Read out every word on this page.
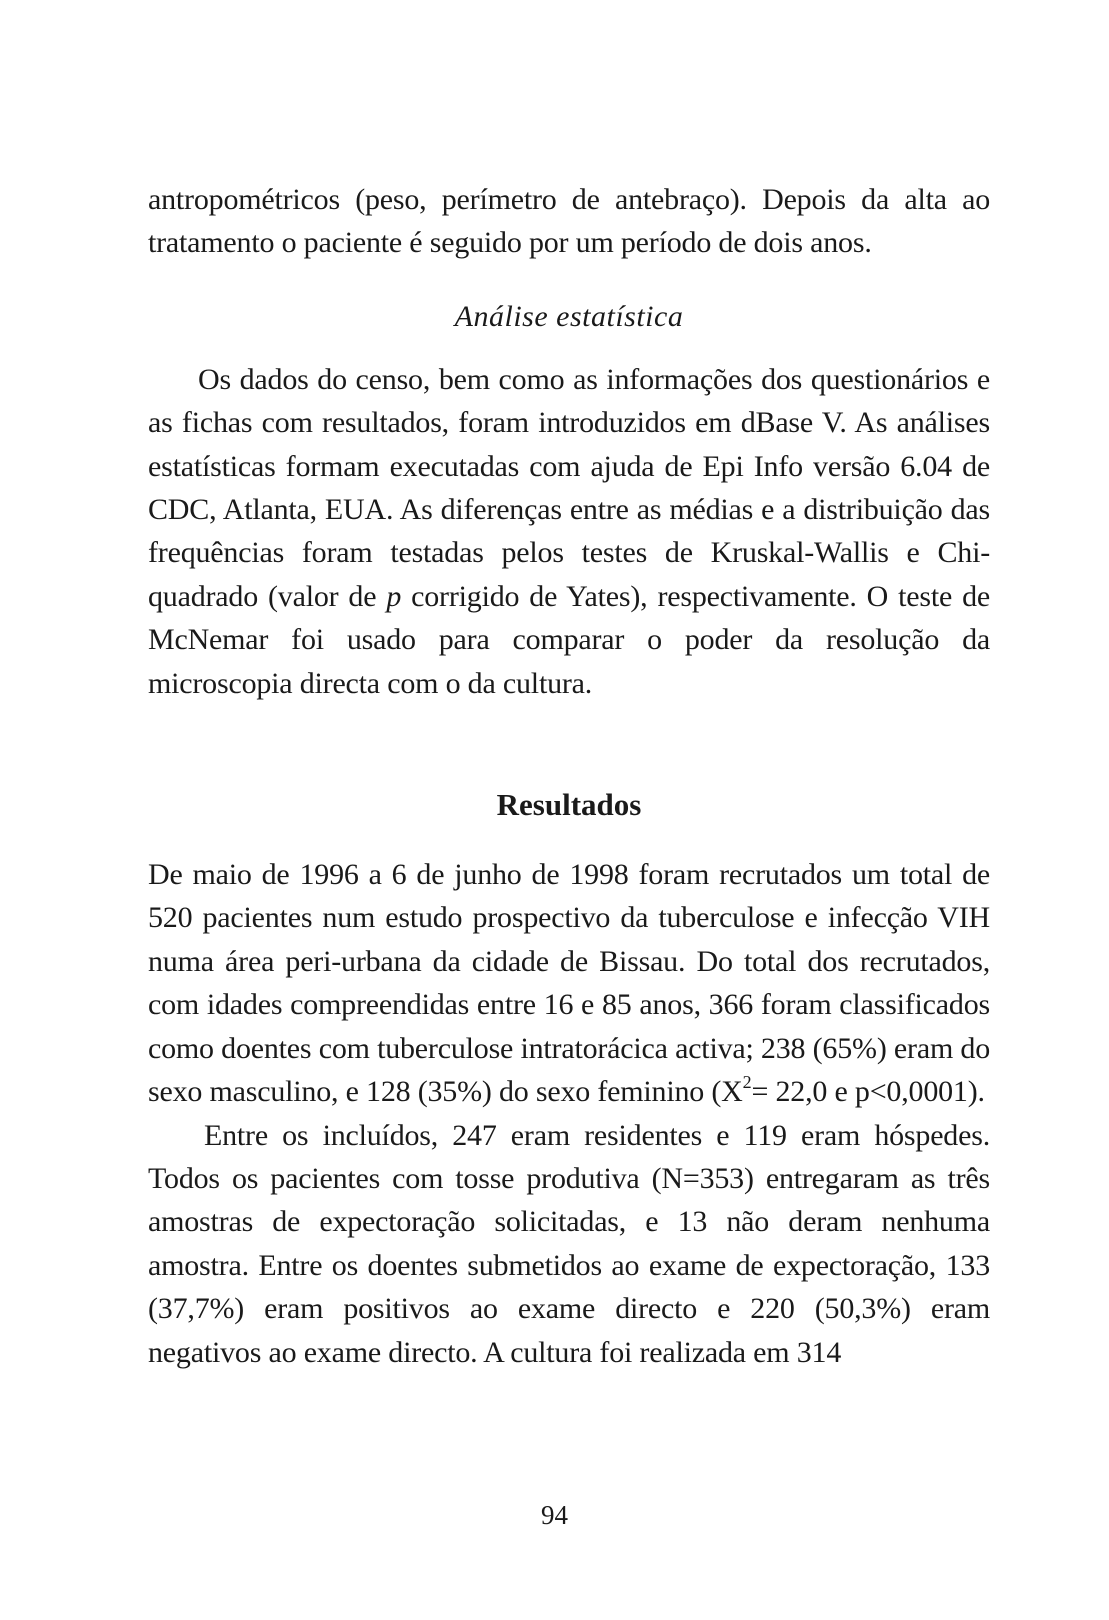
antropométricos (peso, perímetro de antebraço). Depois da alta ao tratamento o paciente é seguido por um período de dois anos.

Análise estatística

Os dados do censo, bem como as informações dos questionários e as fichas com resultados, foram introduzidos em dBase V. As análises estatísticas formam executadas com ajuda de Epi Info versão 6.04 de CDC, Atlanta, EUA. As diferenças entre as médias e a distribuição das frequências foram testadas pelos testes de Kruskal-Wallis e Chi-quadrado (valor de p corrigido de Yates), respectivamente. O teste de McNemar foi usado para comparar o poder da resolução da microscopia directa com o da cultura.

Resultados

De maio de 1996 a 6 de junho de 1998 foram recrutados um total de 520 pacientes num estudo prospectivo da tuberculose e infecção VIH numa área peri-urbana da cidade de Bissau. Do total dos recrutados, com idades compreendidas entre 16 e 85 anos, 366 foram classificados como doentes com tuberculose intratorácica activa; 238 (65%) eram do sexo masculino, e 128 (35%) do sexo feminino ($X^2= 22,0$ e p<0,0001).

Entre os incluídos, 247 eram residentes e 119 eram hóspedes. Todos os pacientes com tosse produtiva (N=353) entregaram as três amostras de expectoração solicitadas, e 13 não deram nenhuma amostra. Entre os doentes submetidos ao exame de expectoração, 133 (37,7%) eram positivos ao exame directo e 220 (50,3%) eram negativos ao exame directo. A cultura foi realizada em 314

94
